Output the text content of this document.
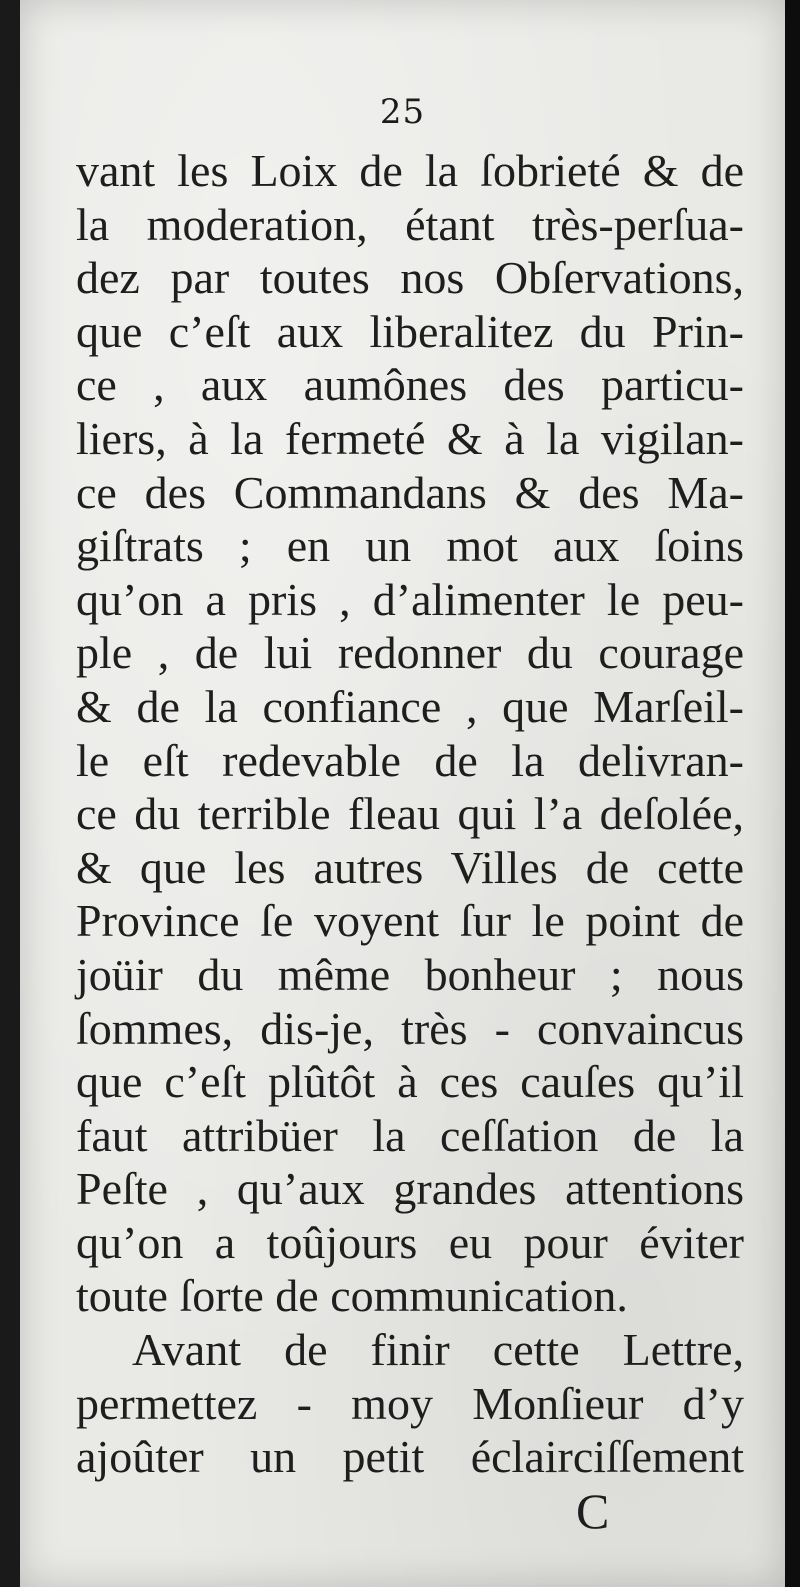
25
vant les Loix de la ſobrieté & de
la moderation, étant très-perſua-
dez par toutes nos Obſervations,
que c’eſt aux liberalitez du Prin-
ce , aux aumônes des particu-
liers, à la fermeté & à la vigilan-
ce des Commandans & des Ma-
giſtrats ; en un mot aux ſoins
qu’on a pris , d’alimenter le peu-
ple , de lui redonner du courage
& de la confiance , que Marſeil-
le eſt redevable de la delivran-
ce du terrible fleau qui l’a deſolée,
& que les autres Villes de cette
Province ſe voyent ſur le point de
joüir du même bonheur ; nous
ſommes, dis-je, très - convaincus
que c’eſt plûtôt à ces cauſes qu’il
faut attribüer la ceſſation de la
Peſte , qu’aux grandes attentions
qu’on a toûjours eu pour éviter
toute ſorte de communication.
Avant de finir cette Lettre,
permettez - moy Monſieur d’y
ajoûter un petit éclairciſſement
C
